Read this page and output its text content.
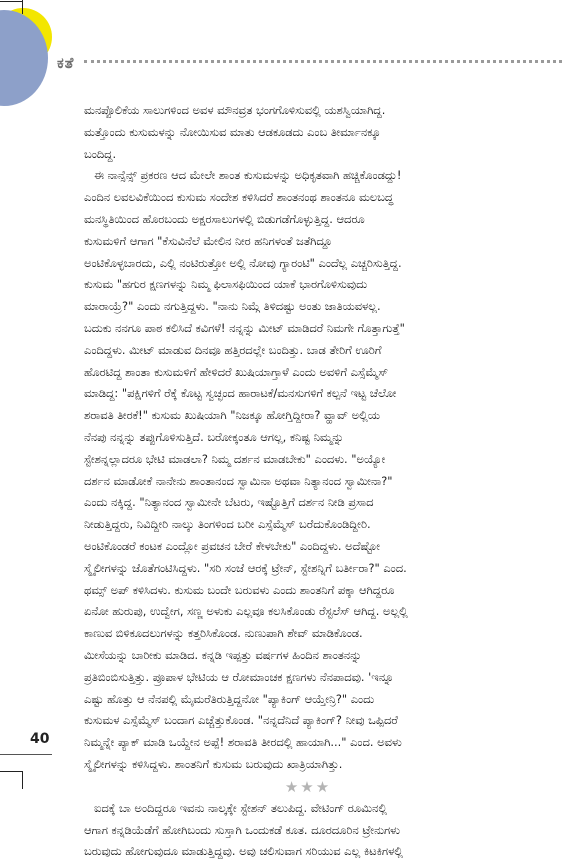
ಕತೆ
ಮನಪ್ಪೊಲಿಕೆಯ ಸಾಲುಗಳಿಂದ ಅವಳ ಮೌನವ್ರತ ಭಂಗಗೊಳಿಸುವಲ್ಲಿ ಯಶಸ್ವಿಯಾಗಿದ್ದ.
ಮತ್ತೊಂದು ಕುಸುಮಳನ್ನು ನೋಯಿಸುವ ಮಾತು ಆಡಕೂಡದು ಎಂಬ ತೀರ್ಮಾನಕ್ಕೂ
ಬಂದಿದ್ದ.
ಈ ನಾನ್ಸೆನ್ಸ್ ಪ್ರಕರಣ ಆದ ಮೇಲೇ ಶಾಂತ ಕುಸುಮಳನ್ನು ಅಧಿಕೃತವಾಗಿ ಹಚ್ಚಿಕೊಂಡದ್ದು!
ಎಂದಿನ ಲವಲವಿಕೆಯಿಂದ ಕುಸುಮ ಸಂದೇಶ ಕಳಿಸಿದರೆ ಶಾಂತನಂಥ ಶಾಂತನೂ ಮಲಬದ್ಧ
ಮನಸ್ಥಿತಿಯಿಂದ ಹೊರಬಂದು ಅಕ್ಷರಸಾಲುಗಳಲ್ಲಿ ಬಿಡುಗಡೆಗೊಳ್ಳುತ್ತಿದ್ದ. ಆದರೂ
ಕುಸುಮಳಿಗೆ ಆಗಾಗ "ಕೆಸುವಿನೆಲೆ ಮೇಲಿನ ನೀರ ಹನಿಗಳಂತೆ ಜತೆಗಿದ್ದೂ
ಅಂಟಿಕೊಳ್ಳಬಾರದು, ಎಲ್ಲಿ ನಂಟಿರುತ್ತೋ ಅಲ್ಲಿ ನೋವು ಗ್ಯಾರಂಟಿ" ಎಂದೆಲ್ಲ ಎಚ್ಚರಿಸುತ್ತಿದ್ದ.
ಕುಸುಮ "ಹಗುರ ಕ್ಷಣಗಳನ್ನು ನಿಮ್ಮ ಫಿಲಾಸಫಿಯಿಂದ ಯಾಕೆ ಭಾರಗೊಳಿಸುವುದು
ಮಾರಾಯ್ರೆ?" ಎಂದು ನಗುತ್ತಿದ್ದಳು. "ನಾನು ನಿಮ್ಗೆ ತಿಳಿದಷ್ಟು ಅಂತು ಜಾತಿಯವಳಲ್ಲ.
ಬದುಕು ನನಗೂ ಪಾಠ ಕಲಿಸಿದೆ ಕವಿಗಳೆ! ನನ್ನನ್ನು ಮೀಟ್ ಮಾಡಿದರೆ ನಿಮಗೇ ಗೊತ್ತಾಗುತ್ತೆ"
ಎಂದಿದ್ದಳು. ಮೀಟ್ ಮಾಡುವ ದಿನವೂ ಹತ್ತಿರದಲ್ಲೇ ಬಂದಿತ್ತು. ಬಾಡ ತೇರಿಗೆ ಊರಿಗೆ
ಹೊರಟಿದ್ದ ಶಾಂತಾ ಕುಸುಮಳಿಗೆ ಹೇಳಿದರೆ ಖುಷಿಯಾಗ್ತಾಳೆ ಎಂದು ಅವಳಿಗೆ ಎಸ್ಸೆಮ್ಮೆಸ್
ಮಾಡಿದ್ದ: "ಪಕ್ಷಿಗಳಿಗೆ ರೆಕ್ಕೆ ಕೊಟ್ಟ ಸ್ವಚ್ಛಂದ ಹಾರಾಟಕೆ/ಮನಸುಗಳಿಗೆ ಕಲ್ಪನೆ ಇಟ್ಟ ಚೆಲೋ
ಶರಾವತಿ ತೀರಕೆ!" ಕುಸುಮ ಖುಷಿಯಾಗಿ "ನಿಜಕ್ಕೂ ಹೋಗ್ತಿದ್ದೀರಾ? ವ್ಹಾವ್ ಅಲ್ಲಿಯ
ನೆನಪು ನನ್ನನ್ನು ತಪ್ಪುಗೊಳಿಸುತ್ತಿದೆ. ಬರೋಕ್ಕಂತೂ ಆಗಲ್ಲ, ಕನಿಷ್ಟ ನಿಮ್ಮನ್ನು
ಸ್ಟೇಶನ್ನಲ್ಲಾದರೂ ಭೇಟಿ ಮಾಡಲಾ? ನಿಮ್ಮ ದರ್ಶನ ಮಾಡಬೇಕು" ಎಂದಳು. "ಅಯ್ಯೋ
ದರ್ಶನ ಮಾಡೋಕೆ ನಾನೇನು ಶಾಂತಾನಂದ ಸ್ವಾಮಿನಾ ಅಥವಾ ನಿತ್ಯಾನಂದ ಸ್ವಾಮೀನಾ?"
ಎಂದು ನಕ್ಕಿದ್ದ. "ನಿತ್ಯಾನಂದ ಸ್ವಾಮೀನೇ ಬೆಟರು, ಇಷ್ಟೊತ್ತಿಗೆ ದರ್ಶನ ನೀಡಿ ಪ್ರಸಾದ
ನೀಡುತ್ತಿದ್ದರು, ನಿವಿದ್ದೀರಿ ನಾಲ್ಕು ತಿಂಗಳಿಂದ ಬರೀ ಎಸ್ಸೆಮ್ಮೆಸ್ ಬರೆದುಕೊಂಡಿದ್ದೀರಿ.
ಅಂಟಿಕೊಂಡರೆ ಕಂಟಕ ಎಂದ್ಲೋ ಪ್ರವಚನ ಬೇರೆ ಕೇಳಬೇಕು" ಎಂದಿದ್ದಳು. ಅದೆಷ್ಟೋ
ಸ್ಮೈಲೀಗಳನ್ನು ಜೊತೆಗಂಟಿಸಿದ್ದಳು. "ಸರಿ ಸಂಜೆ ಆರಕ್ಕೆ ಟ್ರೇನ್, ಸ್ಟೇಶನ್ನಿಗೆ ಬರ್ತೀರಾ?" ಎಂದ.
ಥಮ್ಸ್ ಅಪ್ ಕಳಿಸಿದಳು. ಕುಸುಮ ಬಂದೇ ಬರುವಳು ಎಂದು ಶಾಂತನಿಗೆ ಪಕ್ಕಾ ಆಗಿದ್ದರೂ
ಏನೋ ಹುರುಪು, ಉದ್ವೇಗ, ಸಣ್ಣ ಅಳುಕು ಎಲ್ಲವೂ ಕಲಸಿಕೊಂಡು ರೆಸ್ಟಲೆಸ್ ಆಗಿದ್ದ. ಅಲ್ಲಲ್ಲಿ
ಕಾಣುವ ಬಿಳಿಕೂದಲುಗಳನ್ನು ಕತ್ತರಿಸಿಕೊಂಡ. ನುಣುಪಾಗಿ ಶೇವ್ ಮಾಡಿಕೊಂಡ.
ಮೀಸೆಯನ್ನು ಬಾರೀಕು ಮಾಡಿದ. ಕನ್ನಡಿ ಇಪ್ಪತ್ತು ವರ್ಷಗಳ ಹಿಂದಿನ ಶಾಂತನನ್ನು
ಪ್ರತಿಬಿಂಬಿಸುತ್ತಿತ್ತು. ಪ್ರೂಪಾಳ ಭೇಟಿಯ ಆ ರೋಮಾಂಚಕ ಕ್ಷಣಗಳು ನೆನಪಾದವು. 'ಇನ್ನೂ
ಎಷ್ಟು ಹೊತ್ತು ಆ ನೆನಪಲ್ಲಿ ಮೈಮರೆತಿರುತ್ತಿದ್ದನೋ "ಪ್ಯಾಕಿಂಗ್ ಆಯ್ತೇನ್ರಿ?" ಎಂದು
ಕುಸುಮಳ ಎಸ್ಸೆಮ್ಮೆಸ್ ಬಂದಾಗ ಎಚ್ಚೆತ್ತುಕೊಂಡ. "ನನ್ನದೆನಿದೆ ಪ್ಯಾಕಿಂಗ್? ನೀವು ಒಪ್ಪಿದರೆ
ನಿಮ್ಮನ್ನೇ ಪ್ಯಾಕ್ ಮಾಡಿ ಒಯ್ದೇನ ಅಪ್ಪೆ! ಶರಾವತಿ ತೀರದಲ್ಲಿ ಹಾಯಾಗಿ..." ಎಂದ. ಅವಳು
ಸ್ಮೈಲೀಗಳನ್ನು ಕಳಿಸಿದ್ದಳು. ಶಾಂತನಿಗೆ ಕುಸುಮ ಬರುವುದು ಖಾತ್ರಿಯಾಗಿತ್ತು.
★★★
ಐದಕ್ಕೆ ಬಾ ಅಂದಿದ್ದರೂ ಇವನು ನಾಲ್ಕಕ್ಕೇ ಸ್ಟೇಶನ್ ತಲುಪಿದ್ದ. ವೇಟಿಂಗ್ ರೂಮಿನಲ್ಲಿ
ಆಗಾಗ ಕನ್ನಡಿಯೆಡೆಗೆ ಹೋಗಿಬಂದು ಸುಸ್ತಾಗಿ ಒಂದುಕಡೆ ಕೂತ. ದೂರದೂರಿನ ಟ್ರೇನುಗಳು
ಬರುವುದು ಹೋಗುವುದೂ ಮಾಡುತ್ತಿದ್ದವು. ಅವು ಚಲಿಸುವಾಗ ಸರಿಯುವ ಎಲ್ಲ ಕಿಟಕಿಗಳಲ್ಲಿ
40
